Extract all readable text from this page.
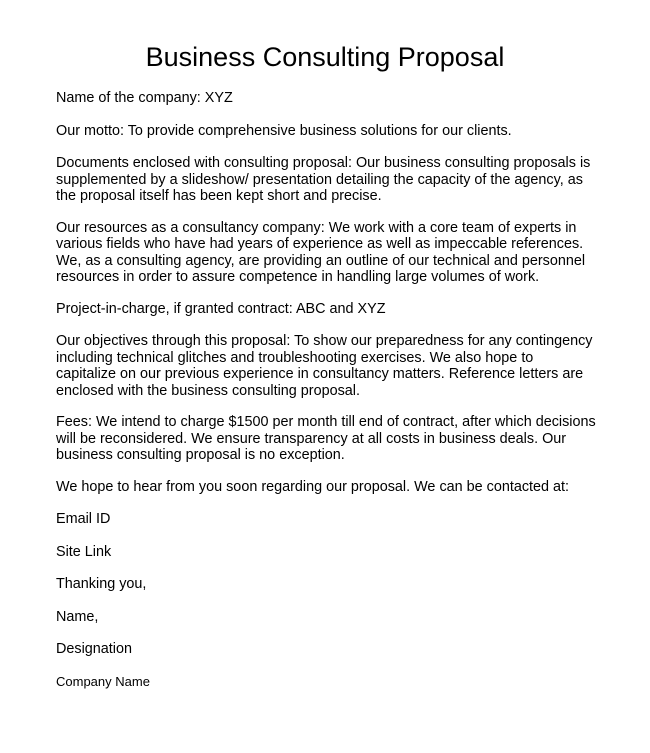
Business Consulting Proposal

Name of the company: XYZ

Our motto: To provide comprehensive business solutions for our clients.

Documents enclosed with consulting proposal: Our business consulting proposals is supplemented by a slideshow/ presentation detailing the capacity of the agency, as the proposal itself has been kept short and precise.

Our resources as a consultancy company: We work with a core team of experts in various fields who have had years of experience as well as impeccable references. We, as a consulting agency, are providing an outline of our technical and personnel resources in order to assure competence in handling large volumes of work.

Project-in-charge, if granted contract: ABC and XYZ

Our objectives through this proposal: To show our preparedness for any contingency including technical glitches and troubleshooting exercises. We also hope to capitalize on our previous experience in consultancy matters. Reference letters are enclosed with the business consulting proposal.

Fees: We intend to charge $1500 per month till end of contract, after which decisions will be reconsidered. We ensure transparency at all costs in business deals. Our business consulting proposal is no exception.

We hope to hear from you soon regarding our proposal. We can be contacted at:

Email ID

Site Link

Thanking you,

Name,

Designation

Company Name
